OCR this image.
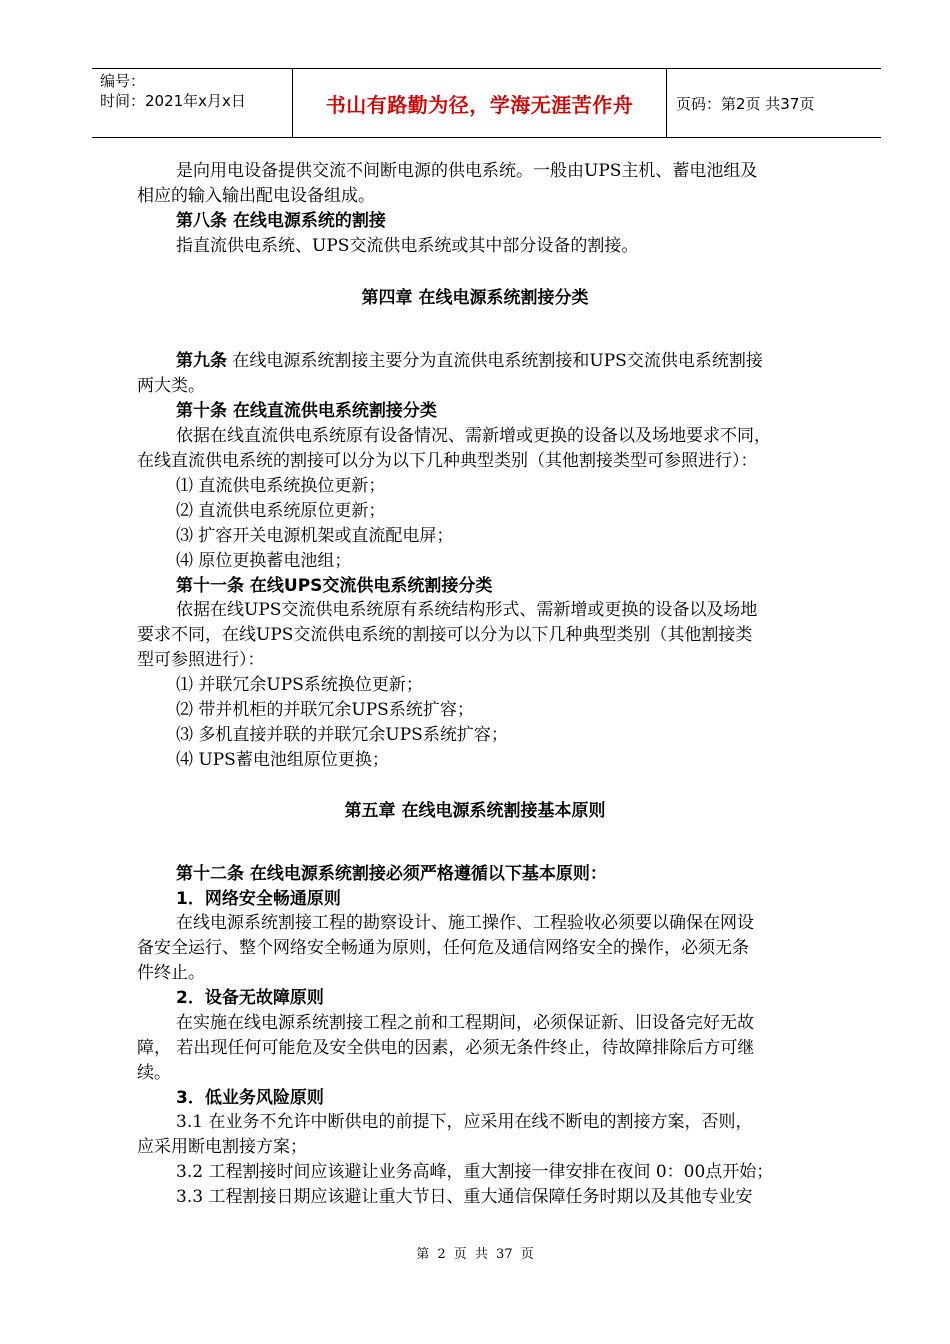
编号：
时间：2021年x月x日	书山有路勤为径，学海无涯苦作舟	页码：第2页 共37页
是向用电设备提供交流不间断电源的供电系统。一般由UPS主机、蓄电池组及
相应的输入输出配电设备组成。
第八条 在线电源系统的割接
指直流供电系统、UPS交流供电系统或其中部分设备的割接。
第四章 在线电源系统割接分类
第九条 在线电源系统割接主要分为直流供电系统割接和UPS交流供电系统割接
两大类。
第十条 在线直流供电系统割接分类
依据在线直流供电系统原有设备情况、需新增或更换的设备以及场地要求不同，
在线直流供电系统的割接可以分为以下几种典型类别（其他割接类型可参照进行）：
⑴ 直流供电系统换位更新；
⑵ 直流供电系统原位更新；
⑶ 扩容开关电源机架或直流配电屏；
⑷ 原位更换蓄电池组；
第十一条 在线UPS交流供电系统割接分类
依据在线UPS交流供电系统原有系统结构形式、需新增或更换的设备以及场地
要求不同，在线UPS交流供电系统的割接可以分为以下几种典型类别（其他割接类
型可参照进行）：
⑴ 并联冗余UPS系统换位更新；
⑵ 带并机柜的并联冗余UPS系统扩容；
⑶ 多机直接并联的并联冗余UPS系统扩容；
⑷ UPS蓄电池组原位更换；
第五章 在线电源系统割接基本原则
第十二条 在线电源系统割接必须严格遵循以下基本原则：
1．网络安全畅通原则
在线电源系统割接工程的勘察设计、施工操作、工程验收必须要以确保在网设
备安全运行、整个网络安全畅通为原则，任何危及通信网络安全的操作，必须无条
件终止。
2．设备无故障原则
在实施在线电源系统割接工程之前和工程期间，必须保证新、旧设备完好无故
障， 若出现任何可能危及安全供电的因素，必须无条件终止，待故障排除后方可继
续。
3．低业务风险原则
3.1 在业务不允许中断供电的前提下，应采用在线不断电的割接方案，否则，
应采用断电割接方案；
3.2 工程割接时间应该避让业务高峰，重大割接一律安排在夜间 0：00点开始；
3.3 工程割接日期应该避让重大节日、重大通信保障任务时期以及其他专业安
第 2 页 共 37 页
